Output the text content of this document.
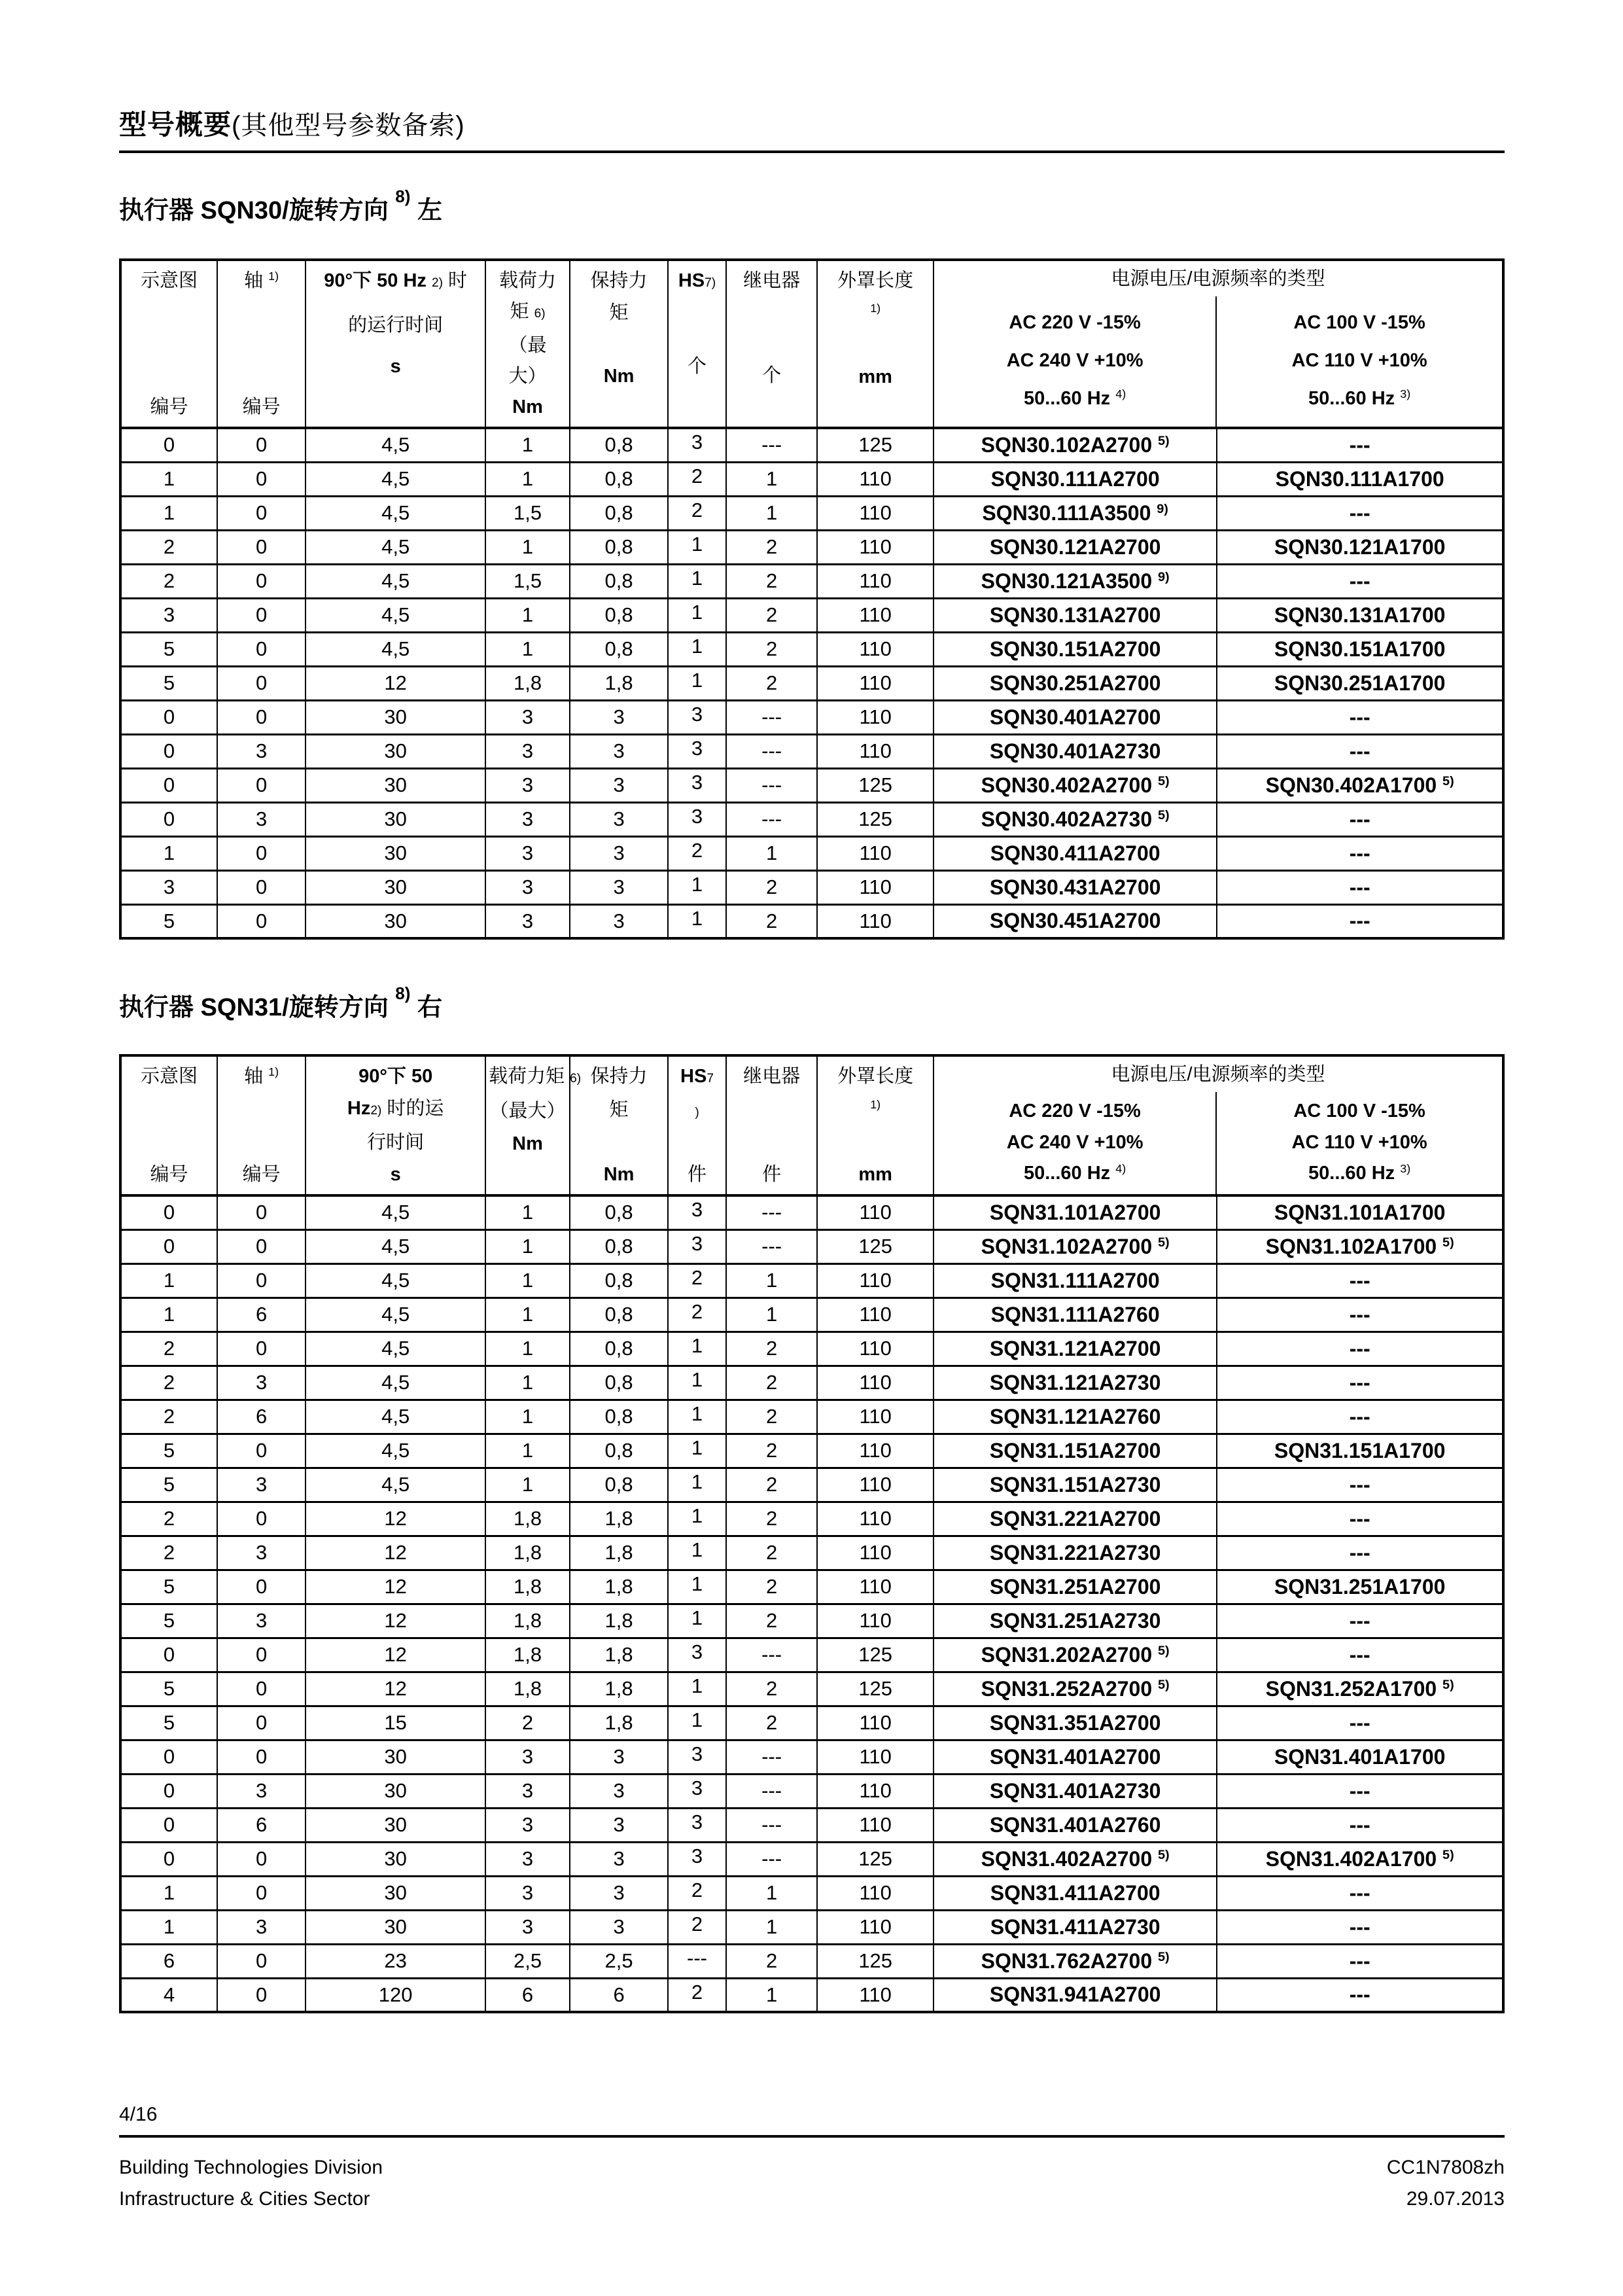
型号概要(其他型号参数备索)
执行器 SQN30/旋转方向 $^{8)}$ 左
示意图
编号

轴 $^{1)}$
编号

90°下 50 Hz 2) 时
的运行时间
s

载荷力
矩 6)
（最
大）
Nm

保持力
矩
Nm

HS7)
个

继电器
个

外罩长度
$^{1)}$
mm

电源电压/电源频率的类型
AC 220 V -15%
AC 240 V +10%
50...60 Hz $^{4)}$
AC 100 V -15%
AC 110 V +10%
50...60 Hz $^{3)}$

0	0	4,5	1	0,8	3	---	125	SQN30.102A2700 $^{5)}$	---
1	0	4,5	1	0,8	2	1	110	SQN30.111A2700	SQN30.111A1700
1	0	4,5	1,5	0,8	2	1	110	SQN30.111A3500 $^{9)}$	---
2	0	4,5	1	0,8	1	2	110	SQN30.121A2700	SQN30.121A1700
2	0	4,5	1,5	0,8	1	2	110	SQN30.121A3500 $^{9)}$	---
3	0	4,5	1	0,8	1	2	110	SQN30.131A2700	SQN30.131A1700
5	0	4,5	1	0,8	1	2	110	SQN30.151A2700	SQN30.151A1700
5	0	12	1,8	1,8	1	2	110	SQN30.251A2700	SQN30.251A1700
0	0	30	3	3	3	---	110	SQN30.401A2700	---
0	3	30	3	3	3	---	110	SQN30.401A2730	---
0	0	30	3	3	3	---	125	SQN30.402A2700 $^{5)}$	SQN30.402A1700 $^{5)}$
0	3	30	3	3	3	---	125	SQN30.402A2730 $^{5)}$	---
1	0	30	3	3	2	1	110	SQN30.411A2700	---
3	0	30	3	3	1	2	110	SQN30.431A2700	---
5	0	30	3	3	1	2	110	SQN30.451A2700	---
执行器 SQN31/旋转方向 $^{8)}$ 右
示意图
编号

轴 $^{1)}$
编号

90°下 50
Hz2) 时的运
行时间
s

载荷力矩 6)
（最大）
Nm

保持力
矩
Nm

HS7
)
件

继电器
件

外罩长度
$^{1)}$
mm

电源电压/电源频率的类型
AC 220 V -15%
AC 240 V +10%
50...60 Hz $^{4)}$
AC 100 V -15%
AC 110 V +10%
50...60 Hz $^{3)}$

0	0	4,5	1	0,8	3	---	110	SQN31.101A2700	SQN31.101A1700
0	0	4,5	1	0,8	3	---	125	SQN31.102A2700 $^{5)}$	SQN31.102A1700 $^{5)}$
1	0	4,5	1	0,8	2	1	110	SQN31.111A2700	---
1	6	4,5	1	0,8	2	1	110	SQN31.111A2760	---
2	0	4,5	1	0,8	1	2	110	SQN31.121A2700	---
2	3	4,5	1	0,8	1	2	110	SQN31.121A2730	---
2	6	4,5	1	0,8	1	2	110	SQN31.121A2760	---
5	0	4,5	1	0,8	1	2	110	SQN31.151A2700	SQN31.151A1700
5	3	4,5	1	0,8	1	2	110	SQN31.151A2730	---
2	0	12	1,8	1,8	1	2	110	SQN31.221A2700	---
2	3	12	1,8	1,8	1	2	110	SQN31.221A2730	---
5	0	12	1,8	1,8	1	2	110	SQN31.251A2700	SQN31.251A1700
5	3	12	1,8	1,8	1	2	110	SQN31.251A2730	---
0	0	12	1,8	1,8	3	---	125	SQN31.202A2700 $^{5)}$	---
5	0	12	1,8	1,8	1	2	125	SQN31.252A2700 $^{5)}$	SQN31.252A1700 $^{5)}$
5	0	15	2	1,8	1	2	110	SQN31.351A2700	---
0	0	30	3	3	3	---	110	SQN31.401A2700	SQN31.401A1700
0	3	30	3	3	3	---	110	SQN31.401A2730	---
0	6	30	3	3	3	---	110	SQN31.401A2760	---
0	0	30	3	3	3	---	125	SQN31.402A2700 $^{5)}$	SQN31.402A1700 $^{5)}$
1	0	30	3	3	2	1	110	SQN31.411A2700	---
1	3	30	3	3	2	1	110	SQN31.411A2730	---
6	0	23	2,5	2,5	---	2	125	SQN31.762A2700 $^{5)}$	---
4	0	120	6	6	2	1	110	SQN31.941A2700	---
4/16
Building Technologies Division
Infrastructure & Cities Sector
CC1N7808zh
29.07.2013
